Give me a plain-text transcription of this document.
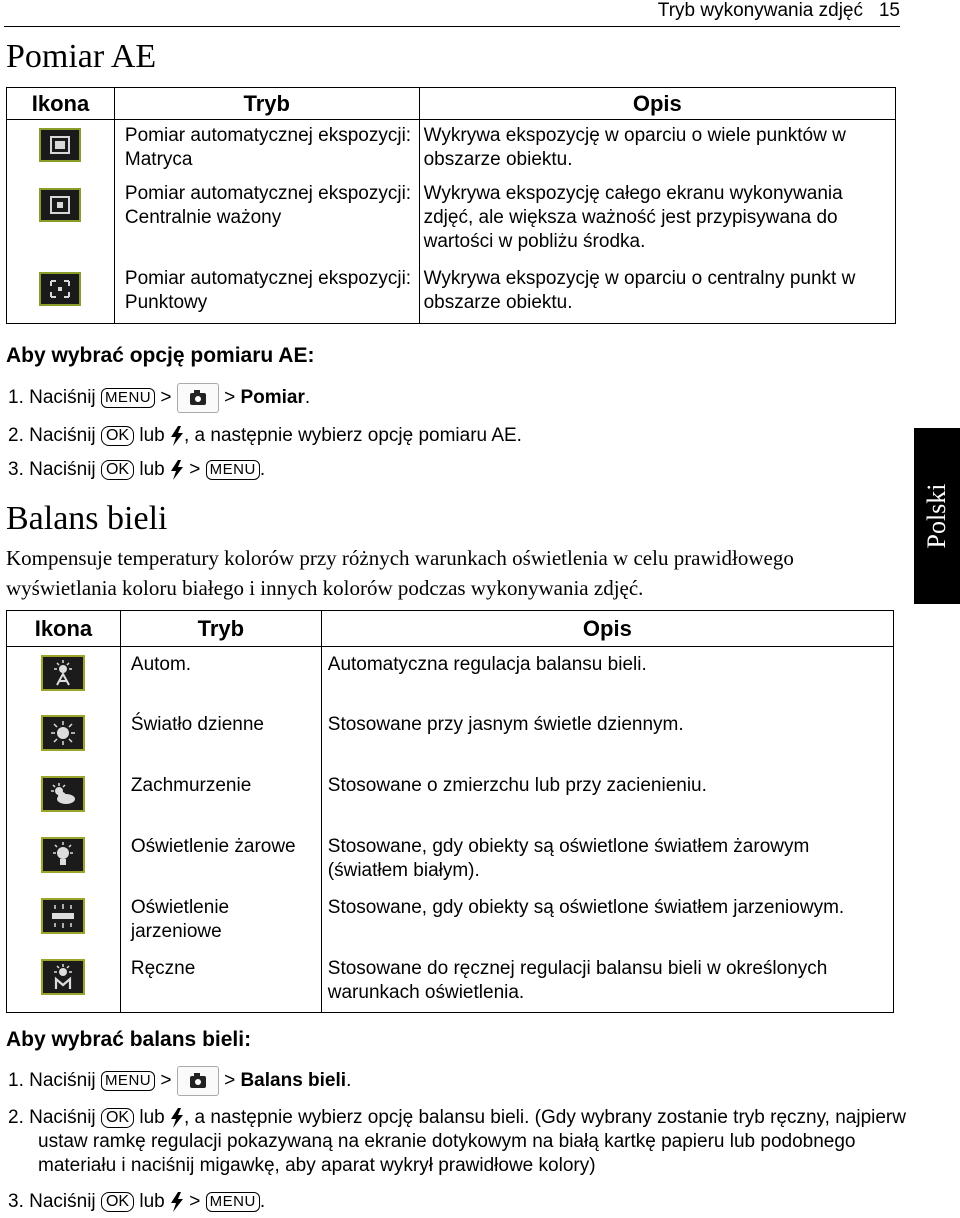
Tryb wykonywania zdjęć 15
Pomiar AE
Ikona	Tryb	Opis

	Pomiar automatycznej ekspozycji: Matryca	Wykrywa ekspozycję w oparciu o wiele punktów w obszarze obiektu.

	Pomiar automatycznej ekspozycji: Centralnie ważony	Wykrywa ekspozycję całego ekranu wykonywania zdjęć, ale większa ważność jest przypisywana do wartości w pobliżu środka.

	Pomiar automatycznej ekspozycji: Punktowy	Wykrywa ekspozycję w oparciu o centralny punkt w obszarze obiektu.
Aby wybrać opcję pomiaru AE:
1. Naciśnij MENU >	> Pomiar.
2. Naciśnij OK lub , a następnie wybierz opcję pomiaru AE.
3. Naciśnij OK lub > MENU .
Balans bieli
Kompensuje temperatury kolorów przy różnych warunkach oświetlenia w celu prawidłowego wyświetlania koloru białego i innych kolorów podczas wykonywania zdjęć.
Ikona	Tryb	Opis

	Autom.	Automatyczna regulacja balansu bieli.

	Światło dzienne	Stosowane przy jasnym świetle dziennym.

	Zachmurzenie	Stosowane o zmierzchu lub przy zacienieniu.

	Oświetlenie żarowe	Stosowane, gdy obiekty są oświetlone światłem żarowym (światłem białym).

	Oświetlenie jarzeniowe	Stosowane, gdy obiekty są oświetlone światłem jarzeniowym.

	Ręczne	Stosowane do ręcznej regulacji balansu bieli w określonych warunkach oświetlenia.
Aby wybrać balans bieli:
1. Naciśnij MENU >	> Balans bieli.
2. Naciśnij OK lub , a następnie wybierz opcję balansu bieli. (Gdy wybrany zostanie tryb ręczny, najpierw ustaw ramkę regulacji pokazywaną na ekranie dotykowym na białą kartkę papieru lub podobnego materiału i naciśnij migawkę, aby aparat wykrył prawidłowe kolory)
3. Naciśnij OK lub > MENU .
Polski
